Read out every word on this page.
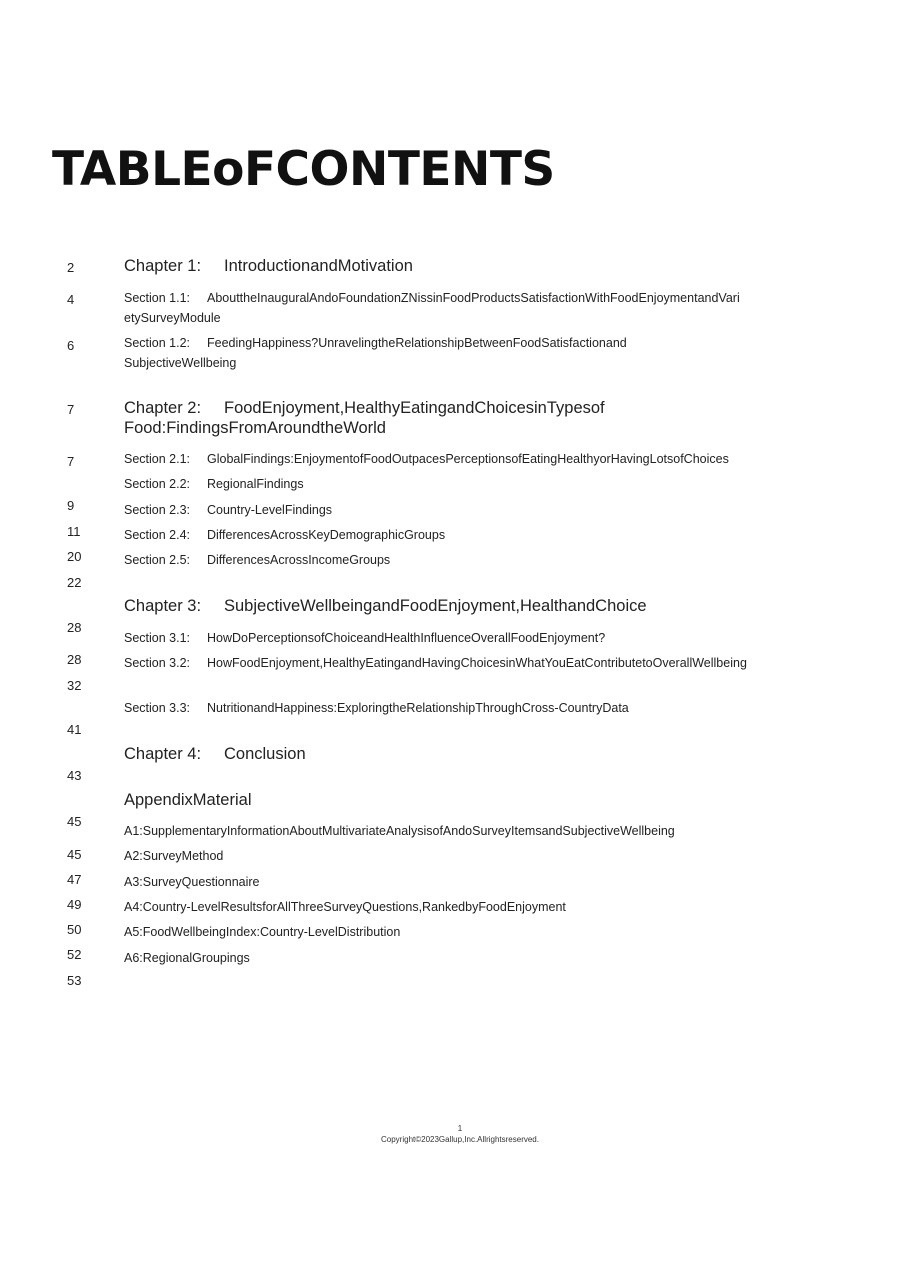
TABLEoFCONTENTS
2
4
6
7
7
9
11
20
22
28
28
32
41
43
45
45
47
49
50
52
53
Chapter 1: IntroductionandMotivation
Section 1.1: AbouttheInauguralAndoFoundationZNissinFoodProductsSatisfactionWithFoodEnjoymentandVarietySurveyModule
Section 1.2: FeedingHappiness?UnravelingtheRelationshipBetweenFoodSatisfactionand SubjectiveWellbeing
Chapter 2: FoodEnjoyment,HealthyEatingandChoicesinTypesof Food:FindingsFromAroundtheWorld
Section 2.1: GlobalFindings:EnjoymentofFoodOutpacesPerceptionsofEatingHealthyorHavingLotsofChoices
Section 2.2: RegionalFindings
Section 2.3: Country-LevelFindings
Section 2.4: DifferencesAcrossKeyDemographicGroups
Section 2.5: DifferencesAcrossIncomeGroups
Chapter 3: SubjectiveWellbeingandFoodEnjoyment,HealthandChoice
Section 3.1: HowDoPerceptionsofChoiceandHealthInfluenceOverallFoodEnjoyment?
Section 3.2: HowFoodEnjoyment,HealthyEatingandHavingChoicesinWhatYouEatContributetoOverallWellbeing
Section 3.3: NutritionandHappiness:ExploringtheRelationshipThroughCross-CountryData
Chapter 4: Conclusion
AppendixMaterial
A1:SupplementaryInformationAboutMultivariateAnalysisofAndoSurveyItemsandSubjectiveWellbeing
A2:SurveyMethod
A3:SurveyQuestionnaire
A4:Country-LevelResultsforAllThreeSurveyQuestions,RankedbyFoodEnjoyment
A5:FoodWellbeingIndex:Country-LevelDistribution
A6:RegionalGroupings
1
Copyright©2023Gallup,Inc.Allrightsreserved.
